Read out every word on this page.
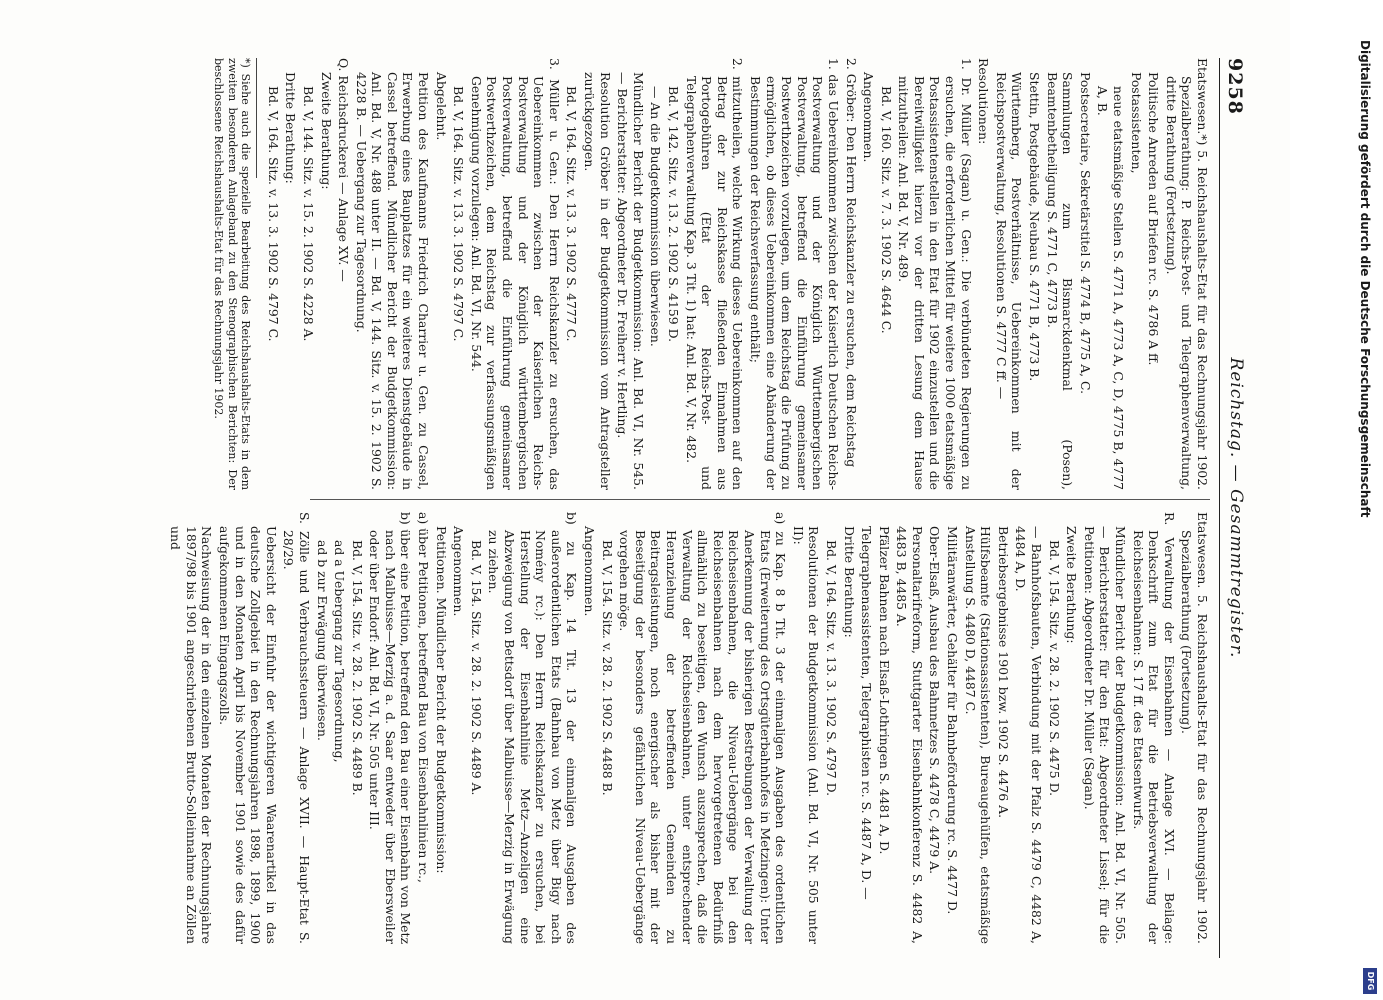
9258
Reichstag. — Gesammtregister.

Etatswesen.*) 5. Reichshaushalts-Etat für das Rechnungsjahr 1902. Spezialberathung: P. Reichs-Post- und Telegraphenverwaltung, dritte Berathung (Fortsetzung).

Politische Anreden auf Briefen rc. S. 4786 A ff.

Postassistenten,

neue etatsmäßige Stellen S. 4771 A, 4773 A, C, D, 4775 B, 4777 A, B.

Postsecretaire, Sekretärstitel S. 4774 B, 4775 A, C.

Sammlungen zum Bismarckdenkmal (Posen), Beamtenbetheiligung S. 4771 C, 4773 B.

Stettin, Postgebäude, Neubau S. 4771 B, 4773 B.

Württemberg, Postverhältnisse, Uebereinkommen mit der Reichspostverwaltung, Resolutionen S. 4777 C ff. —

Resolutionen:

1. Dr. Müller (Sagan) u. Gen.: Die verbündeten Regierungen zu ersuchen, die erforderlichen Mittel für weitere 1000 etatsmäßige Postassistentenstellen in den Etat für 1902 einzustellen und die Bereitwilligkeit hierzu vor der dritten Lesung dem Hause mitzutheilen: Anl. Bd. V, Nr. 489.

Bd. V, 160. Sitz. v. 7. 3. 1902 S. 4644 C.

Angenommen.

2. Gröber: Den Herrn Reichskanzler zu ersuchen, dem Reichstag

1. das Uebereinkommen zwischen der Kaiserlich Deutschen Reichs-Postverwaltung und der Königlich Württembergischen Postverwaltung, betreffend die Einführung gemeinsamer Postwerthzeichen vorzulegen, um dem Reichstag die Prüfung zu ermöglichen, ob dieses Uebereinkommen eine Abänderung der Bestimmungen der Reichsverfassung enthält;

2. mitzutheilen, welche Wirkung dieses Uebereinkommen auf den Betrag der zur Reichskasse fließenden Einnahmen aus Portogebühren (Etat der Reichs-Post- und Telegraphenverwaltung Kap. 3 Tit. 1) hat: Anl. Bd. V, Nr. 482.

Bd. V, 142. Sitz. v. 13. 2. 1902 S. 4159 D.

— An die Budgetkommission überwiesen.

Mündlicher Bericht der Budgetkommission: Anl. Bd. VI, Nr. 545. — Berichterstatter: Abgeordneter Dr. Freiherr v. Hertling.

Resolution Gröber in der Budgetkommission vom Antragsteller zurückgezogen.

Bd. V, 164. Sitz. v. 13. 3. 1902 S. 4777 C.

3. Müller u. Gen.: Den Herrn Reichskanzler zu ersuchen, das Uebereinkommen zwischen der Kaiserlichen Reichs-Postverwaltung und der Königlich württembergischen Postverwaltung, betreffend die Einführung gemeinsamer Postwerthzeichen, dem Reichstag zur verfassungsmäßigen Genehmigung vorzulegen: Anl. Bd. VI, Nr. 544.

Bd. V, 164. Sitz. v. 13. 3. 1902 S. 4797 C.

Abgelehnt.

Petition des Kaufmanns Friedrich Charrier u. Gen. zu Cassel, Erwerbung eines Bauplatzes für ein weiteres Dienstgebäude in Cassel betreffend. Mündlicher Bericht der Budgetkommission: Anl. Bd. V, Nr. 488 unter II. — Bd. V, 144. Sitz. v. 15. 2. 1902 S. 4228 B. — Uebergang zur Tagesordnung.

Q. Reichsdruckerei — Anlage XV. —

Zweite Berathung:

Bd. V, 144. Sitz. v. 15. 2. 1902 S. 4228 A.

Dritte Berathung:

Bd. V, 164. Sitz. v. 13. 3. 1902 S. 4797 C.

*) Siehe auch die spezielle Bearbeitung des Reichshaushalts-Etats in dem zweiten besonderen Anlageband zu den Stenographischen Berichten: Der beschlossene Reichshaushalts-Etat für das Rechnungsjahr 1902.

Etatswesen. 5. Reichshaushalts-Etat für das Rechnungsjahr 1902. Spezialberathung (Fortsetzung).

R. Verwaltung der Eisenbahnen — Anlage XVI. — Beilage: Denkschrift zum Etat für die Betriebsverwaltung der Reichseisenbahnen: S. 17 ff. des Etatsentwurfs.

Mündlicher Bericht der Budgetkommission: Anl. Bd. VI, Nr. 505. — Berichterstatter: für den Etat: Abgeordneter Lissel; für die Petitionen: Abgeordneter Dr. Müller (Sagan).

Zweite Berathung:

Bd. V, 154. Sitz. v. 28. 2. 1902 S. 4475 D.

— Bahnhofsbauten, Verbindung mit der Pfalz S. 4479 C, 4482 A, 4484 A, D.

Betriebsergebnisse 1901 bzw. 1902 S. 4476 A.

Hülfsbeamte (Stationsassistenten), Bureaugehülfen, etatsmäßige Anstellung S. 4480 D, 4487 C.

Militäranwärter, Gehälter für Bahnbeförderung rc. S. 4477 D.

Ober-Elsaß, Ausbau des Bahnnetzes S. 4478 C, 4479 A.

Personaltarifreform, Stuttgarter Eisenbahnkonferenz S. 4482 A, 4483 B, 4485 A.

Pfälzer Bahnen nach Elsaß-Lothringen S. 4481 A, D.

Telegraphenassistenten, Telegraphisten rc. S. 4487 A, D. —

Dritte Berathung:

Bd. V, 164. Sitz. v. 13. 3. 1902 S. 4797 D.

Resolutionen der Budgetkommission (Anl. Bd. VI, Nr. 505 unter II):

a) zu Kap. 8 b Tit. 3 der einmaligen Ausgaben des ordentlichen Etats (Erweiterung des Ortsgüterbahnhofes in Metzingen): Unter Anerkennung der bisherigen Bestrebungen der Verwaltung der Reichseisenbahnen, die Niveau-Uebergänge bei den Reichseisenbahnen nach dem hervorgetretenen Bedürfniß allmählich zu beseitigen, den Wunsch auszusprechen, daß die Verwaltung der Reichseisenbahnen, unter entsprechender Heranziehung der betreffenden Gemeinden zu Beitragsleistungen, noch energischer als bisher mit der Beseitigung der besonders gefährlichen Niveau-Uebergänge vorgehen möge.

Bd. V, 154. Sitz. v. 28. 2. 1902 S. 4488 B.

Angenommen.

b) zu Kap. 14 Tit. 13 der einmaligen Ausgaben des außerordentlichen Etats (Bahnbau von Metz über Bigy nach Nomény rc.): Den Herrn Reichskanzler zu ersuchen, bei Herstellung der Eisenbahnlinie Metz—Anzeligen eine Abzweigung von Bettsdorf über Malbuisse—Merzig in Erwägung zu ziehen.

Bd. V, 154. Sitz. v. 28. 2. 1902 S. 4489 A.

Angenommen.

Petitionen. Mündlicher Bericht der Budgetkommission:

a) über Petitionen, betreffend Bau von Eisenbahnlinien rc.,

b) über eine Petition, betreffend den Bau einer Eisenbahn von Metz nach Malbuisse—Merzig a. d. Saar entweder über Ebersweiler oder über Endorf: Anl. Bd. VI, Nr. 505 unter III.

Bd. V, 154. Sitz. v. 28. 2. 1902 S. 4489 B.

ad a Uebergang zur Tagesordnung,

ad b zur Erwägung überwiesen.

S. Zölle und Verbrauchssteuern — Anlage XVII. — Haupt-Etat S. 28/29.

Uebersicht der Einfuhr der wichtigeren Waarenartikel in das deutsche Zollgebiet in den Rechnungsjahren 1898, 1899, 1900 und in den Monaten April bis November 1901 sowie des dafür aufgekommenen Eingangszolls.

Nachweisung der in den einzelnen Monaten der Rechnungsjahre 1897/98 bis 1901 angeschriebenen Brutto-Solleinnahme an Zöllen und

Digitalisierung gefördert durch die Deutsche Forschungsgemeinschaft
DFG
